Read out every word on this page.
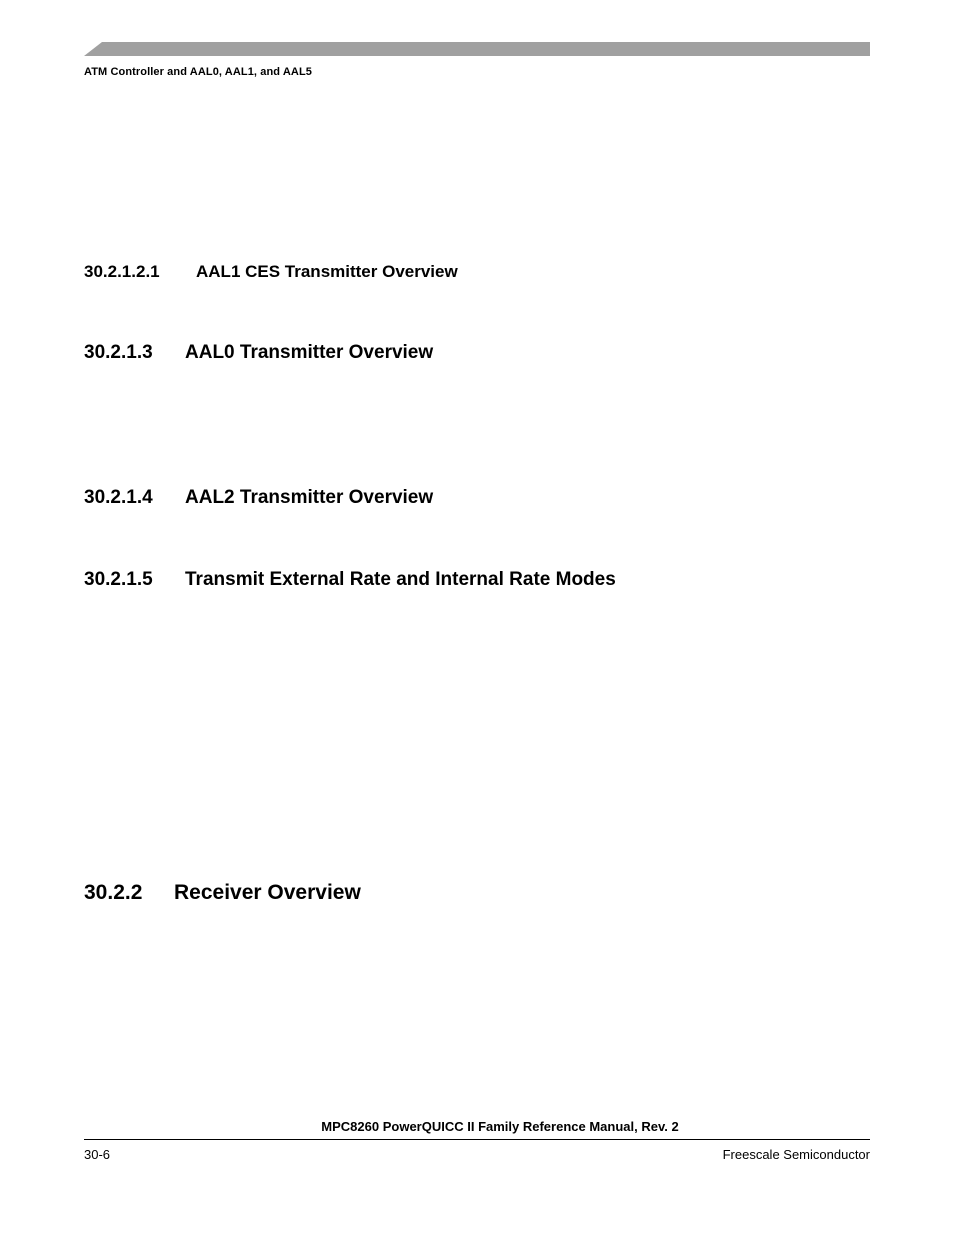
ATM Controller and AAL0, AAL1, and AAL5
30.2.1.2.1 AAL1 CES Transmitter Overview
30.2.1.3 AAL0 Transmitter Overview
30.2.1.4 AAL2 Transmitter Overview
30.2.1.5 Transmit External Rate and Internal Rate Modes
30.2.2 Receiver Overview
MPC8260 PowerQUICC II Family Reference Manual, Rev. 2
30-6	Freescale Semiconductor
